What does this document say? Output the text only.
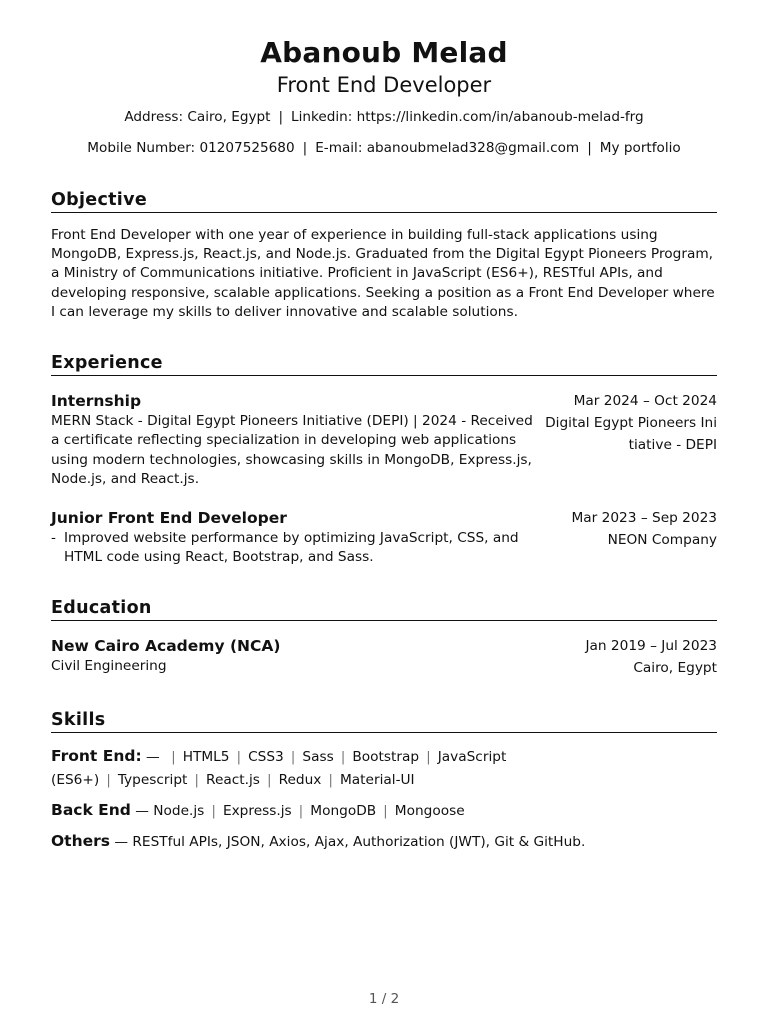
Abanoub Melad
Front End Developer
Address: Cairo, Egypt | Linkedin: https://linkedin.com/in/abanoub-melad-frg
Mobile Number: 01207525680 | E-mail: abanoubmelad328@gmail.com | My portfolio
Objective
Front End Developer with one year of experience in building full-stack applications using MongoDB, Express.js, React.js, and Node.js. Graduated from the Digital Egypt Pioneers Program, a Ministry of Communications initiative. Proficient in JavaScript (ES6+), RESTful APIs, and developing responsive, scalable applications. Seeking a position as a Front End Developer where I can leverage my skills to deliver innovative and scalable solutions.
Experience
Internship
MERN Stack - Digital Egypt Pioneers Initiative (DEPI) | 2024 - Received a certificate reflecting specialization in developing web applications using modern technologies, showcasing skills in MongoDB, Express.js, Node.js, and React.js.
Mar 2024 – Oct 2024
Digital Egypt Pioneers Ini
tiative - DEPI
Junior Front End Developer
- Improved website performance by optimizing JavaScript, CSS, and HTML code using React, Bootstrap, and Sass.
Mar 2023 – Sep 2023
NEON Company
Education
New Cairo Academy (NCA)
Civil Engineering
Jan 2019 – Jul 2023
Cairo, Egypt
Skills
Front End: — | HTML5 | CSS3 | Sass | Bootstrap | JavaScript (ES6+) | Typescript | React.js | Redux | Material-UI
Back End — Node.js | Express.js | MongoDB | Mongoose
Others — RESTful APIs, JSON, Axios, Ajax, Authorization (JWT), Git & GitHub.
1 / 2
